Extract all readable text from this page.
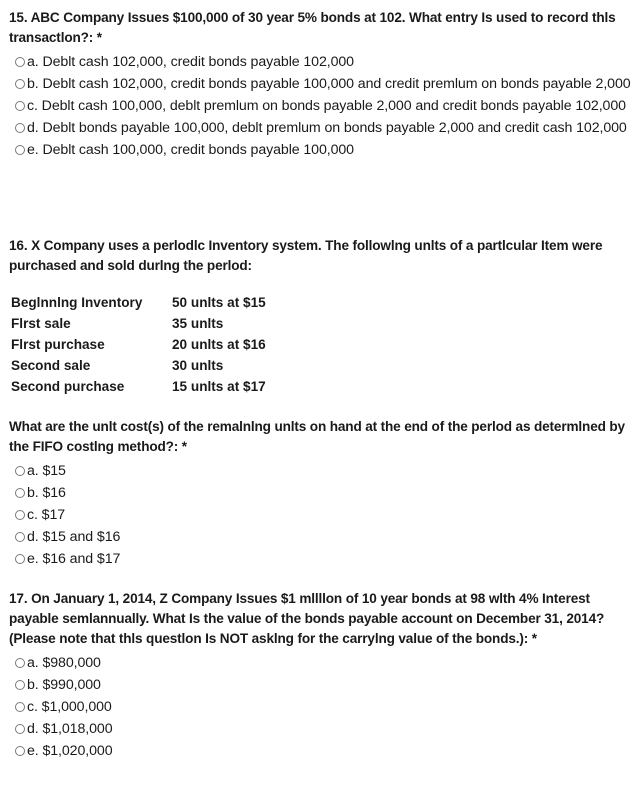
15. ABC Company Issues $100,000 of 30 year 5% bonds at 102. What entry Is used to record thls transactlon?: *

a. Deblt cash 102,000, credit bonds payable 102,000
b. Deblt cash 102,000, credit bonds payable 100,000 and credit premlum on bonds payable 2,000
c. Deblt cash 100,000, deblt premlum on bonds payable 2,000 and credit bonds payable 102,000
d. Deblt bonds payable 100,000, deblt premlum on bonds payable 2,000 and credit cash 102,000
e. Deblt cash 100,000, credit bonds payable 100,000

16. X Company uses a perlodlc Inventory system. The followlng unlts of a partlcular Item were purchased and sold durlng the perlod:

Beglnnlng Inventory	50 unlts at $15
Flrst sale	35 unlts
Flrst purchase	20 unlts at $16
Second sale	30 unlts
Second purchase	15 unlts at $17

What are the unlt cost(s) of the remalnlng unlts on hand at the end of the perlod as determlned by the FIFO costlng method?: *

a. $15
b. $16
c. $17
d. $15 and $16
e. $16 and $17

17. On January 1, 2014, Z Company Issues $1 mllllon of 10 year bonds at 98 wlth 4% Interest payable semlannually. What Is the value of the bonds payable account on December 31, 2014? (Please note that thls questlon Is NOT asklng for the carrylng value of the bonds.): *

a. $980,000
b. $990,000
c. $1,000,000
d. $1,018,000
e. $1,020,000
